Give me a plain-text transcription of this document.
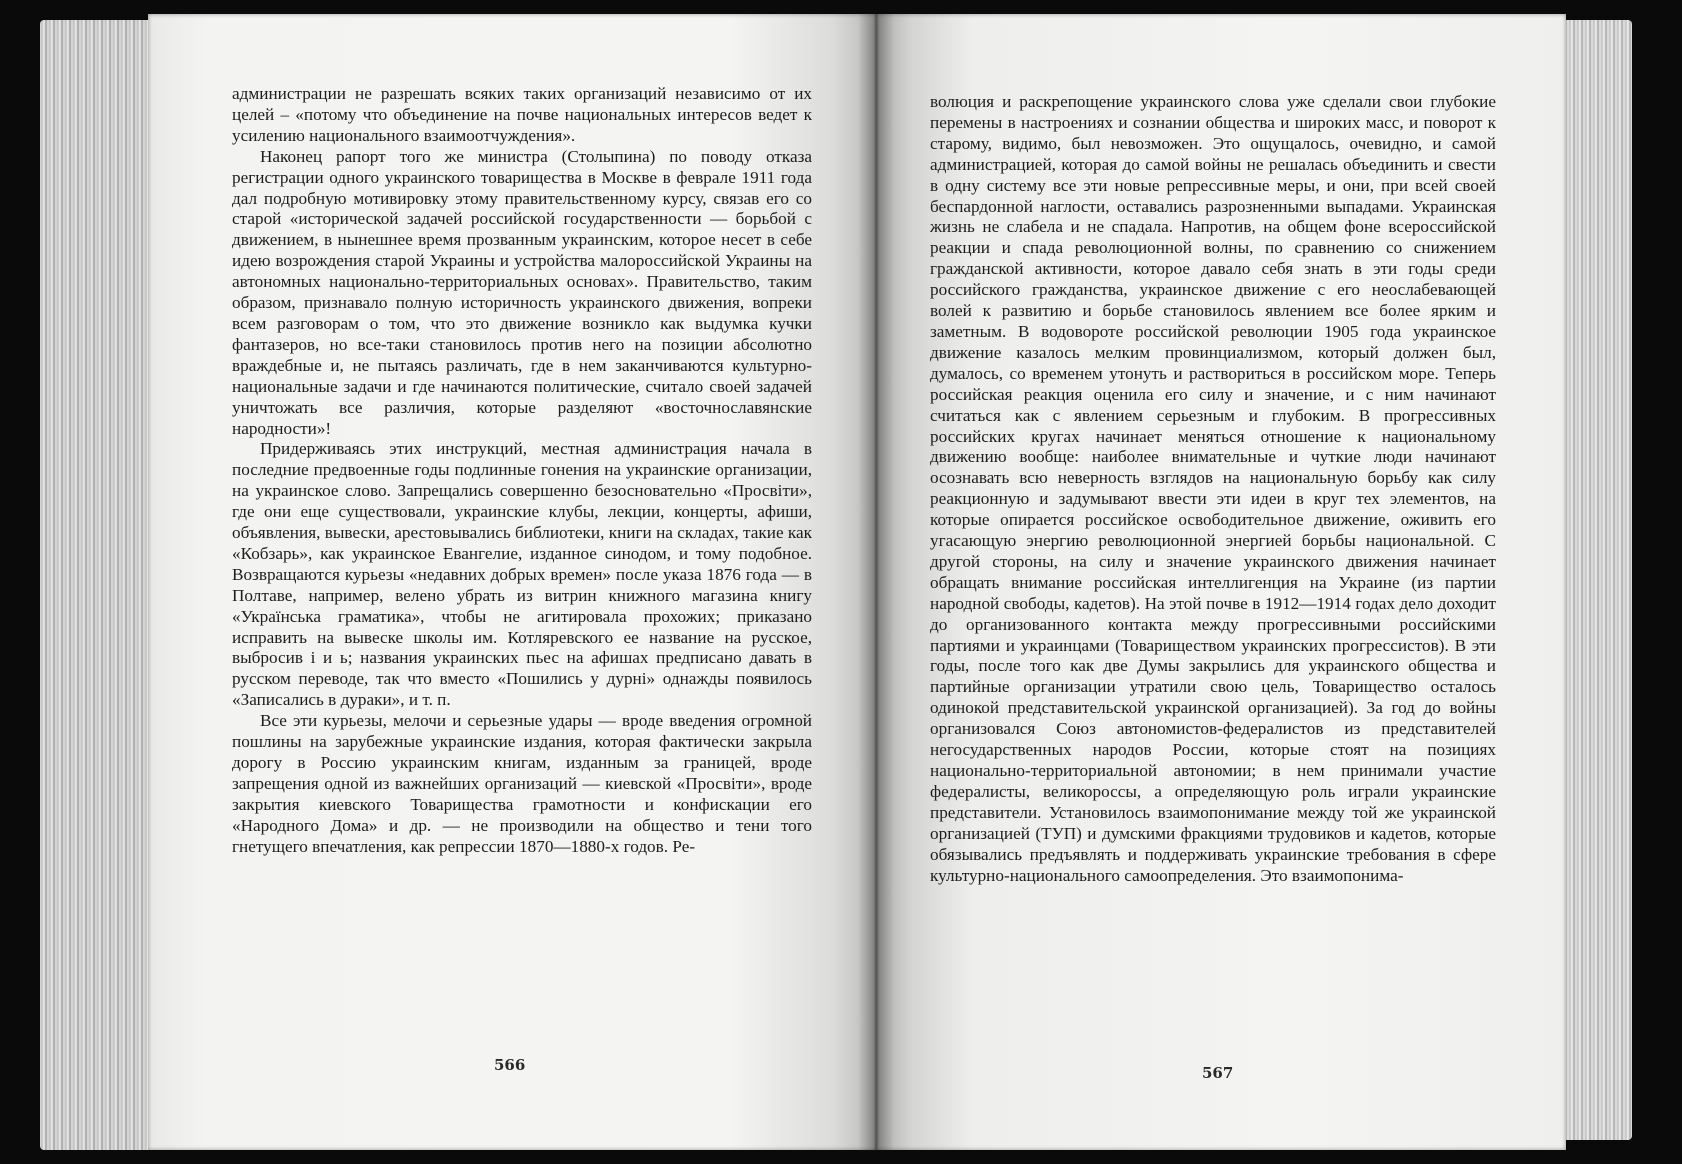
администрации не разрешать всяких таких организаций независимо от их целей – «потому что объединение на почве национальных интересов ведет к усилению национального взаимоотчуждения».

Наконец рапорт того же министра (Столыпина) по поводу отказа регистрации одного украинского товарищества в Москве в феврале 1911 года дал подробную мотивировку этому правительственному курсу, связав его со старой «исторической задачей российской государственности — борьбой с движением, в нынешнее время прозванным украинским, которое несет в себе идею возрождения старой Украины и устройства малороссийской Украины на автономных национально-территориальных основах». Правительство, таким образом, признавало полную историчность украинского движения, вопреки всем разговорам о том, что это движение возникло как выдумка кучки фантазеров, но все-таки становилось против него на позиции абсолютно враждебные и, не пытаясь различать, где в нем заканчиваются культурно-национальные задачи и где начинаются политические, считало своей задачей уничтожать все различия, которые разделяют «восточнославянские народности»!

Придерживаясь этих инструкций, местная администрация начала в последние предвоенные годы подлинные гонения на украинские организации, на украинское слово. Запрещались совершенно безосновательно «Просвіти», где они еще существовали, украинские клубы, лекции, концерты, афиши, объявления, вывески, арестовывались библиотеки, книги на складах, такие как «Кобзарь», как украинское Евангелие, изданное синодом, и тому подобное. Возвращаются курьезы «недавних добрых времен» после указа 1876 года — в Полтаве, например, велено убрать из витрин книжного магазина книгу «Українська граматика», чтобы не агитировала прохожих; приказано исправить на вывеске школы им. Котляревского ее название на русское, выбросив і и ь; названия украинских пьес на афишах предписано давать в русском переводе, так что вместо «Пошились у дурні» однажды появилось «Записались в дураки», и т. п.

Все эти курьезы, мелочи и серьезные удары — вроде введения огромной пошлины на зарубежные украинские издания, которая фактически закрыла дорогу в Россию украинским книгам, изданным за границей, вроде запрещения одной из важнейших организаций — киевской «Просвіти», вроде закрытия киевского Товарищества грамотности и конфискации его «Народного Дома» и др. — не производили на общество и тени того гнетущего впечатления, как репрессии 1870—1880-х годов. Ре-

566

волюция и раскрепощение украинского слова уже сделали свои глубокие перемены в настроениях и сознании общества и широких масс, и поворот к старому, видимо, был невозможен. Это ощущалось, очевидно, и самой администрацией, которая до самой войны не решалась объединить и свести в одну систему все эти новые репрессивные меры, и они, при всей своей беспардонной наглости, оставались разрозненными выпадами. Украинская жизнь не слабела и не спадала. Напротив, на общем фоне всероссийской реакции и спада революционной волны, по сравнению со снижением гражданской активности, которое давало себя знать в эти годы среди российского гражданства, украинское движение с его неослабевающей волей к развитию и борьбе становилось явлением все более ярким и заметным. В водовороте российской революции 1905 года украинское движение казалось мелким провинциализмом, который должен был, думалось, со временем утонуть и раствориться в российском море. Теперь российская реакция оценила его силу и значение, и с ним начинают считаться как с явлением серьезным и глубоким. В прогрессивных российских кругах начинает меняться отношение к национальному движению вообще: наиболее внимательные и чуткие люди начинают осознавать всю неверность взглядов на национальную борьбу как силу реакционную и задумывают ввести эти идеи в круг тех элементов, на которые опирается российское освободительное движение, оживить его угасающую энергию революционной энергией борьбы национальной. С другой стороны, на силу и значение украинского движения начинает обращать внимание российская интеллигенция на Украине (из партии народной свободы, кадетов). На этой почве в 1912—1914 годах дело доходит до организованного контакта между прогрессивными российскими партиями и украинцами (Товариществом украинских прогрессистов). В эти годы, после того как две Думы закрылись для украинского общества и партийные организации утратили свою цель, Товарищество осталось одинокой представительской украинской организацией). За год до войны организовался Союз автономистов-федералистов из представителей негосударственных народов России, которые стоят на позициях национально-территориальной автономии; в нем принимали участие федералисты, великороссы, а определяющую роль играли украинские представители. Установилось взаимопонимание между той же украинской организацией (ТУП) и думскими фракциями трудовиков и кадетов, которые обязывались предъявлять и поддерживать украинские требования в сфере культурно-национального самоопределения. Это взаимопонима-

567
